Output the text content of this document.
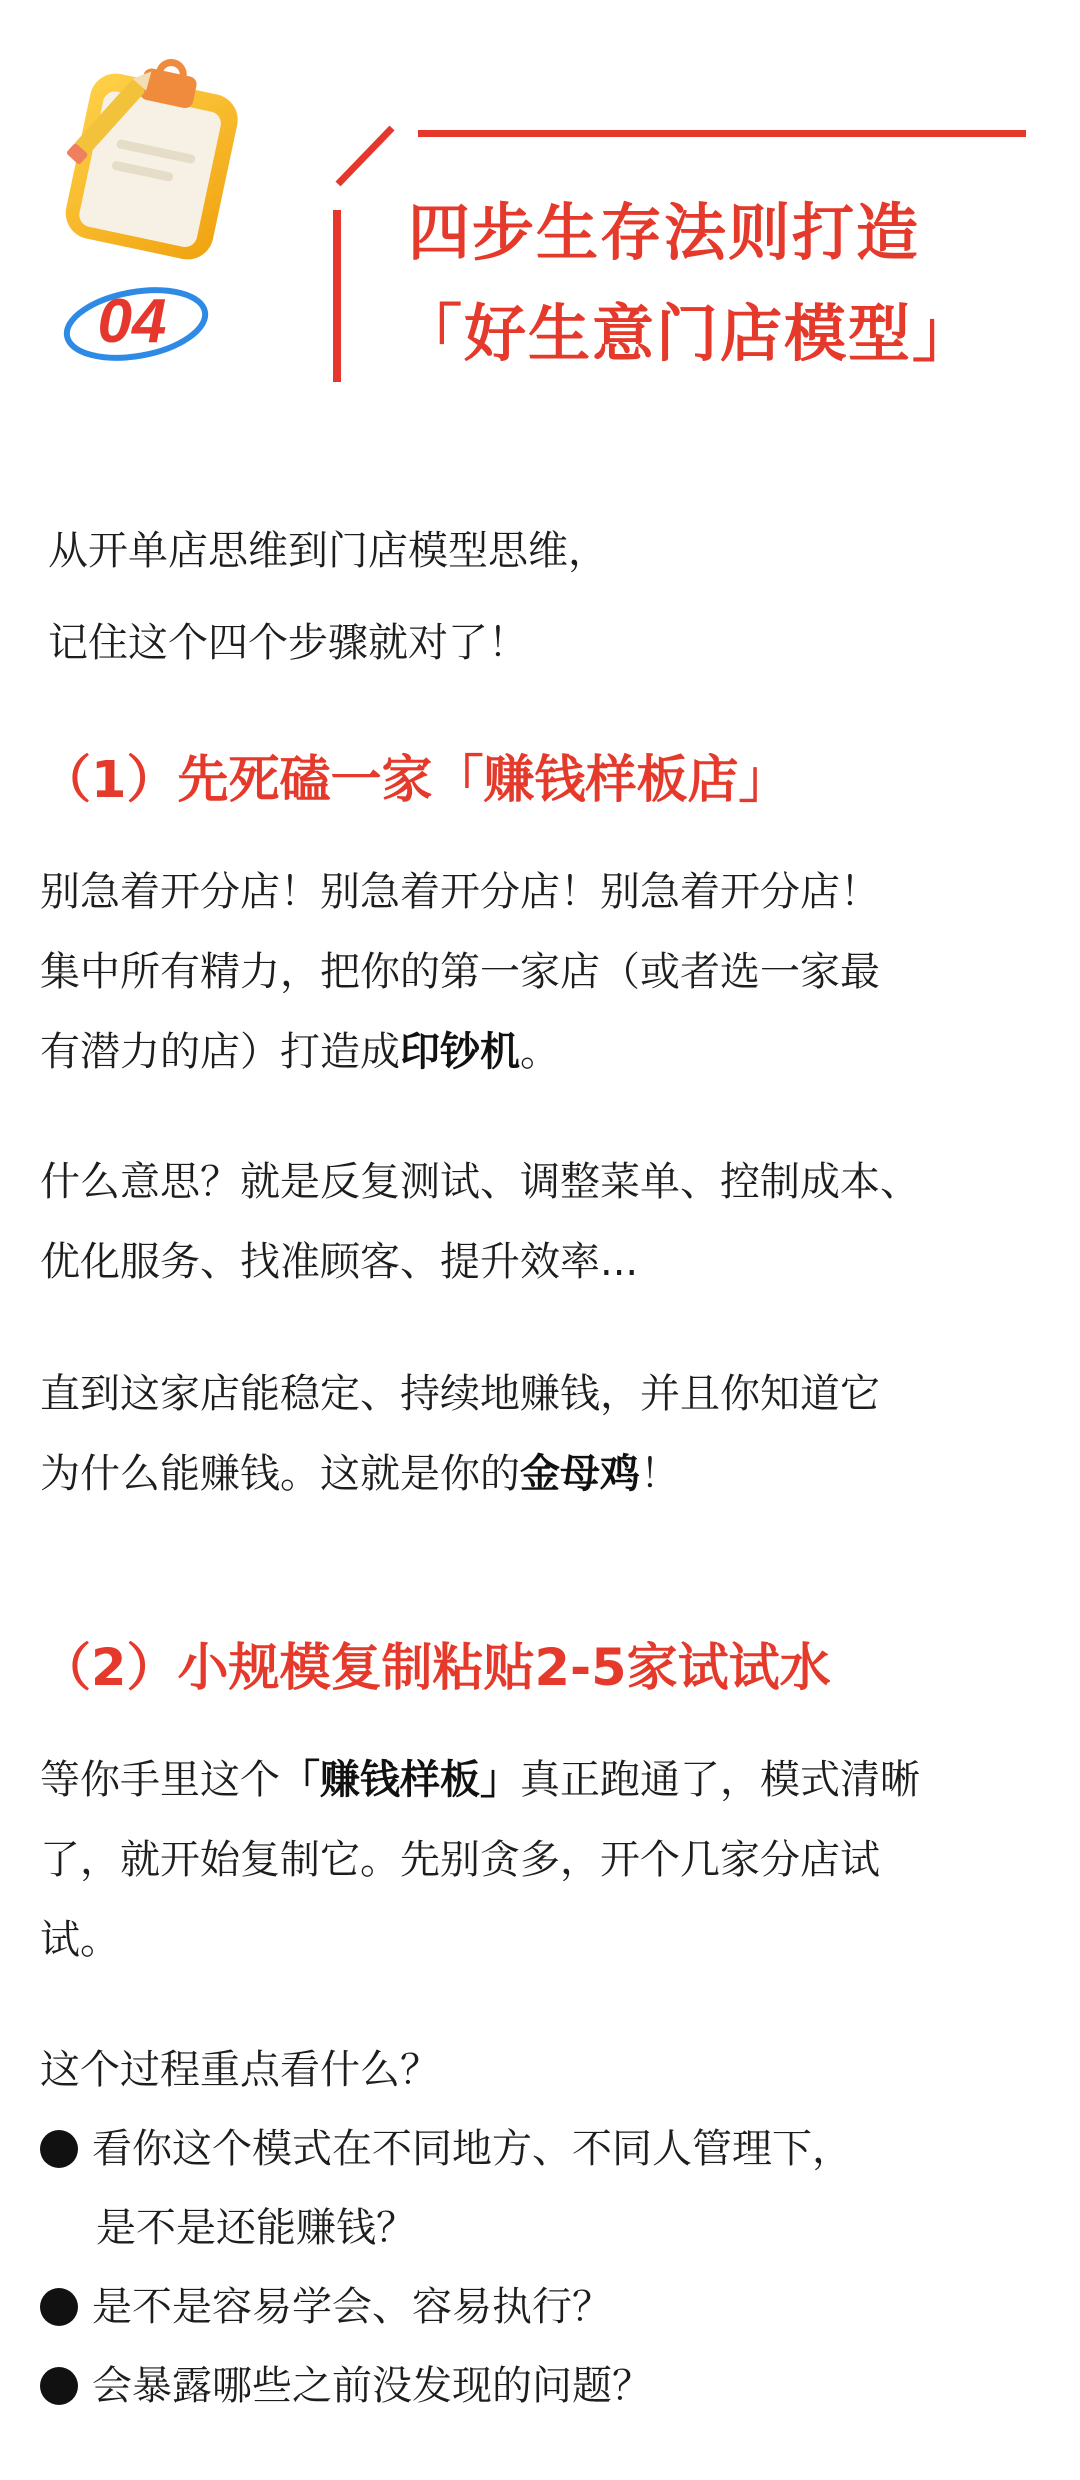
04
四步生存法则打造
「好生意门店模型」

从开单店思维到门店模型思维，

记住这个四个步骤就对了！

（1）先死磕一家「赚钱样板店」
别急着开分店！别急着开分店！别急着开分店！
集中所有精力，把你的第一家店（或者选一家最
有潜力的店）打造成印钞机。
什么意思？就是反复测试、调整菜单、控制成本、
优化服务、找准顾客、提升效率...
直到这家店能稳定、持续地赚钱，并且你知道它
为什么能赚钱。这就是你的金母鸡！
（2）小规模复制粘贴2-5家试试水
等你手里这个「赚钱样板」真正跑通了，模式清晰
了，就开始复制它。先别贪多，开个几家分店试
试。
这个过程重点看什么？
看你这个模式在不同地方、不同人管理下，
是不是还能赚钱？
是不是容易学会、容易执行？
会暴露哪些之前没发现的问题？
